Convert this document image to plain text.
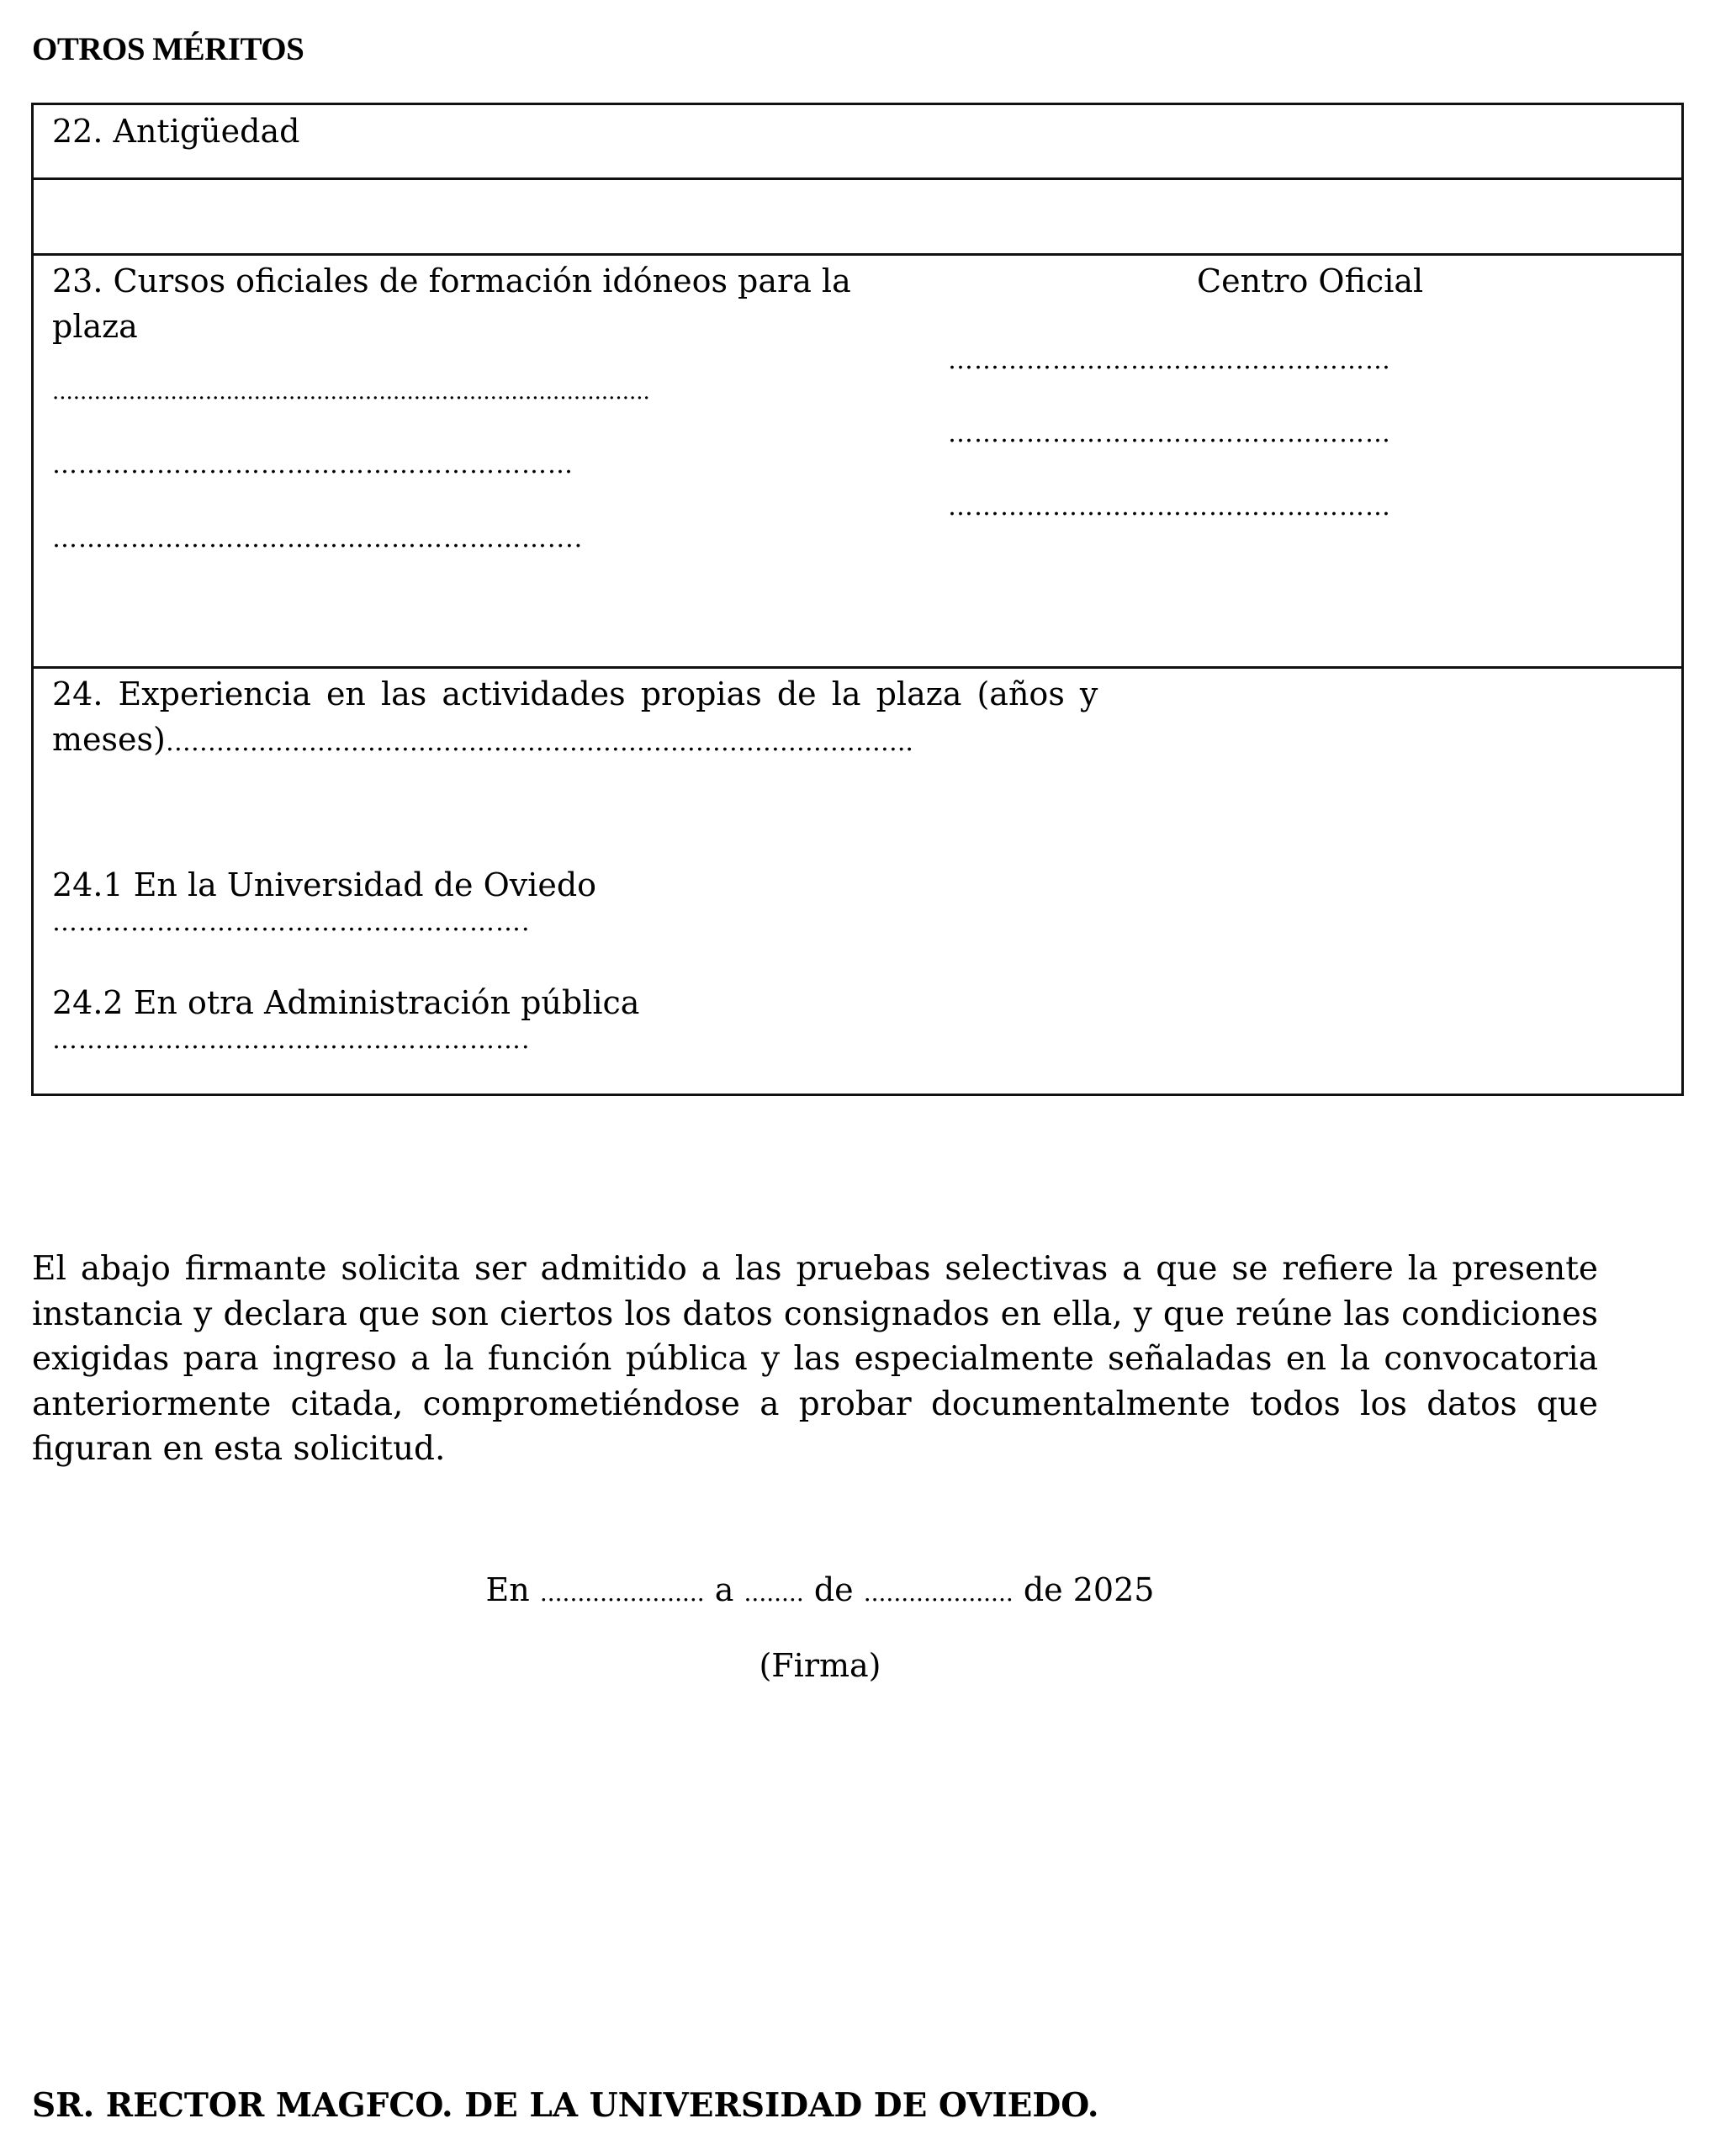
OTROS MÉRITOS
22. Antigüedad
23. Cursos oficiales de formación idóneos para la
plaza
Centro Oficial
......................................................................................
……………………………………………………
…………………………………………………....
……………………………………………
……………………………………………
……………………………………………
24. Experiencia en las actividades propias de la plaza (años y
meses)……………………………………………………………………………..
24.1 En la Universidad de Oviedo
……………………………………………….
24.2 En otra Administración pública
……………………………………………….
El abajo firmante solicita ser admitido a las pruebas selectivas a que se refiere la presente instancia y declara que son ciertos los datos consignados en ella, y que reúne las condiciones exigidas para ingreso a la función pública y las especialmente señaladas en la convocatoria anteriormente citada, comprometiéndose a probar documentalmente todos los datos que figuran en esta solicitud.
En ...................... a ........ de .................... de 2025
(Firma)
SR. RECTOR MAGFCO. DE LA UNIVERSIDAD DE OVIEDO.
